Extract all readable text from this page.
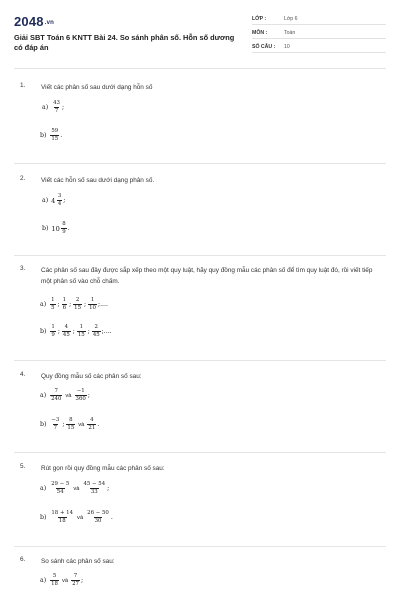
2048.vn
Giải SBT Toán 6 KNTT Bài 24. So sánh phân số. Hỗn số dương có đáp án
LỚP :	Lớp 6
MÔN :	Toán
SỐ CÂU : 10
1. Viết các phân số sau dưới dạng hỗn số
$a) \frac{43}{7}$ ;
$b) \frac{59}{15}$ .
2. Viết các hỗn số sau dưới dạng phân số.
a) $4 \frac{3}{4}$ ;
b) $10 \frac{8}{9}$ .
3. Các phân số sau đây được sắp xếp theo một quy luật, hãy quy đồng mẫu các phân số để tìm quy luật đó, rồi viết tiếp một phân số vào chỗ chấm.
$a) \frac{1}{5}$ ; $\frac{1}{6}$ ; $\frac{2}{15}$ ; $\frac{1}{10}$ ;....
$b) \frac{1}{9}$ ; $\frac{4}{45}$ ; $\frac{1}{15}$ ; $\frac{2}{45}$ ;....
4. Quy đồng mẫu số các phân số sau:
$a) \frac{7}{240}$ và $\frac{-1}{360}$ ;
$b) \frac{-3}{7}$ ; $\frac{8}{15}$ và $\frac{4}{21}$ .
5. Rút gọn rồi quy đồng mẫu các phân số sau:
$a) \frac{29 - 5}{54}$ và $\frac{45 - 54}{33}$ ;
$b) \frac{18 + 14}{18}$ và $\frac{26 - 50}{30}$ .
6. So sánh các phân số sau:
$a) \frac{5}{18}$ và $\frac{7}{27}$ ;
